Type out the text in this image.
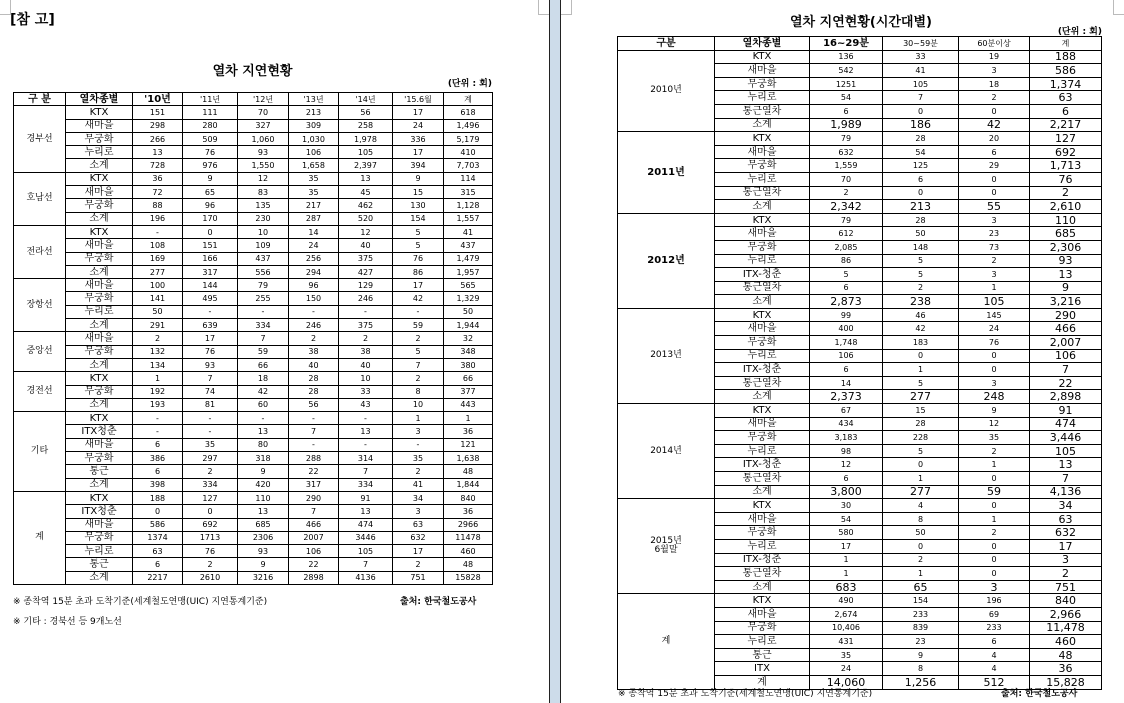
[참 고]
열차 지연현황
(단위 : 회)
※ 종착역 15분 초과 도착기준(세계철도연맹(UIC) 지연통계기준)	출처: 한국철도공사
※ 기타 : 경북선 등 9개노선
구 분	열차종별	'10년	'11년	'12년	'13년	'14년	'15.6월	계
경부선	KTX	151	111	70	213	56	17	618
	새마을	298	280	327	309	258	24	1,496
	무궁화	266	509	1,060	1,030	1,978	336	5,179
	누리로	13	76	93	106	105	17	410
	소계	728	976	1,550	1,658	2,397	394	7,703
호남선	KTX	36	9	12	35	13	9	114
	새마을	72	65	83	35	45	15	315
	무궁화	88	96	135	217	462	130	1,128
	소계	196	170	230	287	520	154	1,557
전라선	KTX	-	0	10	14	12	5	41
	새마을	108	151	109	24	40	5	437
	무궁화	169	166	437	256	375	76	1,479
	소계	277	317	556	294	427	86	1,957
장항선	새마을	100	144	79	96	129	17	565
	무궁화	141	495	255	150	246	42	1,329
	누리로	50	-	-	-	-	-	50
	소계	291	639	334	246	375	59	1,944
중앙선	새마을	2	17	7	2	2	2	32
	무궁화	132	76	59	38	38	5	348
	소계	134	93	66	40	40	7	380
경전선	KTX	1	7	18	28	10	2	66
	무궁화	192	74	42	28	33	8	377
	소계	193	81	60	56	43	10	443
기타	KTX	-	-	-	-	-	1	1
	ITX청춘	-	-	13	7	13	3	36
	새마을	6	35	80	-	-	-	121
	무궁화	386	297	318	288	314	35	1,638
	통근	6	2	9	22	7	2	48
	소계	398	334	420	317	334	41	1,844
계	KTX	188	127	110	290	91	34	840
	ITX청춘	0	0	13	7	13	3	36
	새마을	586	692	685	466	474	63	2966
	무궁화	1374	1713	2306	2007	3446	632	11478
	누리로	63	76	93	106	105	17	460
	통근	6	2	9	22	7	2	48
	소계	2217	2610	3216	2898	4136	751	15828
열차 지연현황(시간대별)
(단위 : 회)
※ 종착역 15분 초과 도착기준(세계철도연맹(UIC) 지연통계기준)	출처: 한국철도공사
구분	열차종별	16~29분	30~59분	60분이상	계
2010년	KTX	136	33	19	188
	새마을	542	41	3	586
	무궁화	1251	105	18	1,374
	누리로	54	7	2	63
	통근열차	6	0	0	6
	소계	1,989	186	42	2,217
2011년	KTX	79	28	20	127
	새마을	632	54	6	692
	무궁화	1,559	125	29	1,713
	누리로	70	6	0	76
	통근열차	2	0	0	2
	소계	2,342	213	55	2,610
2012년	KTX	79	28	3	110
	새마을	612	50	23	685
	무궁화	2,085	148	73	2,306
	누리로	86	5	2	93
	ITX-청춘	5	5	3	13
	통근열차	6	2	1	9
	소계	2,873	238	105	3,216
2013년	KTX	99	46	145	290
	새마을	400	42	24	466
	무궁화	1,748	183	76	2,007
	누리로	106	0	0	106
	ITX-청춘	6	1	0	7
	통근열차	14	5	3	22
	소계	2,373	277	248	2,898
2014년	KTX	67	15	9	91
	새마을	434	28	12	474
	무궁화	3,183	228	35	3,446
	누리로	98	5	2	105
	ITX-청춘	12	0	1	13
	통근열차	6	1	0	7
	소계	3,800	277	59	4,136
2015년 6월말	KTX	30	4	0	34
	새마을	54	8	1	63
	무궁화	580	50	2	632
	누리로	17	0	0	17
	ITX-청춘	1	2	0	3
	통근열차	1	1	0	2
	소계	683	65	3	751
계	KTX	490	154	196	840
	새마을	2,674	233	69	2,966
	무궁화	10,406	839	233	11,478
	누리로	431	23	6	460
	통근	35	9	4	48
	ITX	24	8	4	36
	계	14,060	1,256	512	15,828
